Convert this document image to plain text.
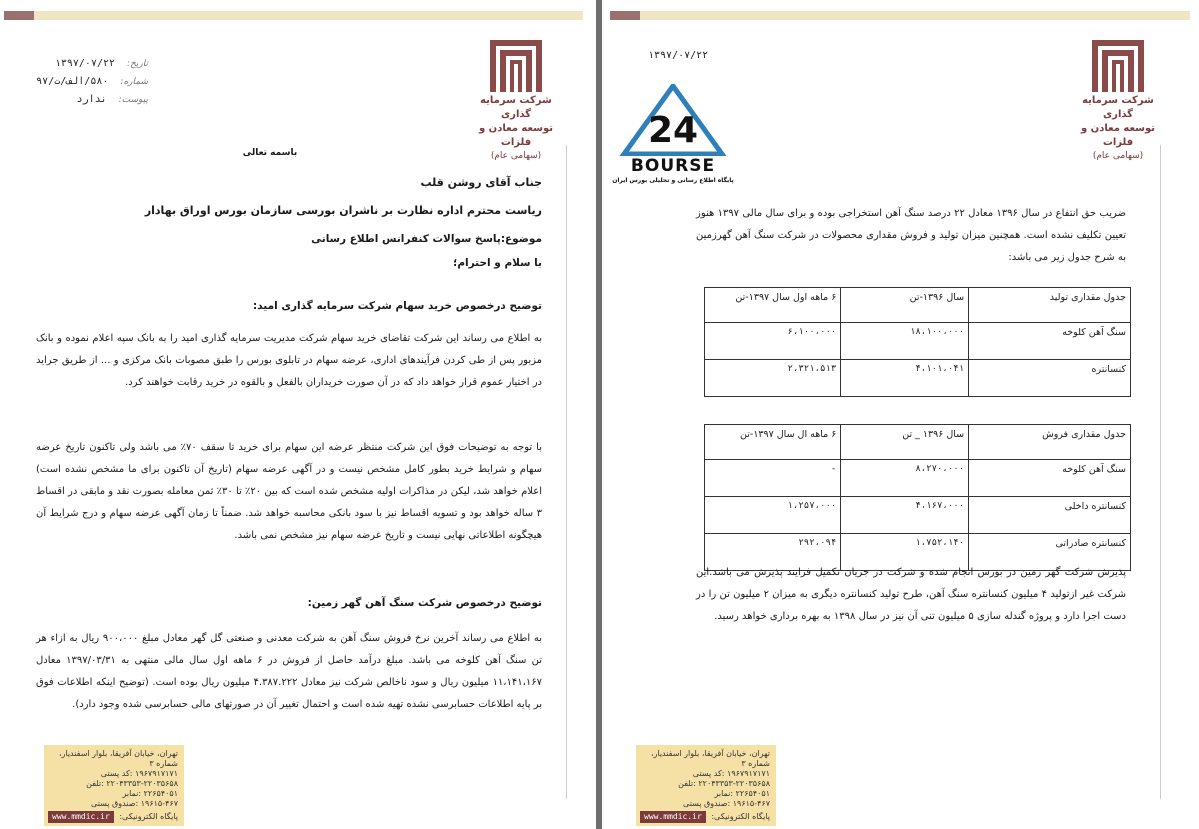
شرکت سرمایه گذاری
توسعه معادن و فلزات
(سهامی عام)
تاریخ:۱۳۹۷/۰۷/۲۲
شماره:۵۸۰/الف/ت/۹۷
پیوست:ندارد
باسمه تعالی
جناب آقای روشن قلب
ریاست محترم اداره نظارت بر ناشران بورسی سازمان بورس اوراق بهادار
موضوع:پاسخ سوالات کنفرانس اطلاع رسانی
با سلام و احترام؛
توضیح درخصوص خرید سهام شرکت سرمایه گذاری امید:
به اطلاع می رساند این شرکت تقاضای خرید سهام شرکت مدیریت سرمایه گذاری امید را به بانک سپه اعلام نموده و بانک مزبور پس از طی کردن فرآیندهای اداری، عرضه سهام در تابلوی بورس را طبق مصوبات بانک مرکزی و ... از طریق جراید در اختیار عموم قرار خواهد داد که در آن صورت خریداران بالفعل و بالقوه در خرید رقابت خواهند کرد.
با توجه به توضیحات فوق این شرکت منتظر عرضه این سهام برای خرید تا سقف ۷۰٪ می باشد ولی تاکنون تاریخ عرضه سهام و شرایط خرید بطور کامل مشخص نیست و در آگهی عرضه سهام (تاریخ آن تاکنون برای ما مشخص نشده است) اعلام خواهد شد، لیکن در مذاکرات اولیه مشخص شده است که بین ۲۰٪ تا ۳۰٪ ثمن معامله بصورت نقد و مابقی در اقساط ۳ ساله خواهد بود و تسویه اقساط نیز با سود بانکی محاسبه خواهد شد. ضمناً تا زمان آگهی عرضه سهام و درج شرایط آن هیچگونه اطلاعاتی نهایی نیست و تاریخ عرضه سهام نیز مشخص نمی باشد.
توضیح درخصوص شرکت سنگ آهن گهر زمین:
به اطلاع می رساند آخرین نرخ فروش سنگ آهن به شرکت معدنی و صنعتی گل گهر معادل مبلغ ۹۰۰،۰۰۰ ریال به ازاء هر تن سنگ آهن کلوخه می باشد. مبلغ درآمد حاصل از فروش در ۶ ماهه اول سال مالی منتهی به ۱۳۹۷/۰۳/۳۱ معادل ۱۱،۱۴۱،۱۶۷ میلیون ریال و سود ناخالص شرکت نیز معادل ۴.۳۸۷.۲۲۲ میلیون ریال بوده است. (توضیح اینکه اطلاعات فوق بر پایه اطلاعات حسابرسی نشده تهیه شده است و احتمال تغییر آن در صورتهای مالی حسابرسی شده وجود دارد).
تهران، خیابان آفریقا، بلوار اسفندیار، شماره ۳
۱۹۶۷۹۱۷۱۷۱ :کد پستی
۲۲۰۴۳۳۵۳-۲۲۰۳۵۶۵۸ :تلفن
۲۲۶۵۴۰۵۱ :نمابر
۱۹۶۱۵-۴۶۷ :صندوق پستی
پایگاه الکترونیکی:
www.mmdic.ir
۱۳۹۷/۰۷/۲۲
شرکت سرمایه گذاری
توسعه معادن و فلزات
(سهامی عام)
24
BOURSE
پایگاه اطلاع رسانی و تحلیلی بورس ایران
ضریب حق انتفاع در سال ۱۳۹۶ معادل ۲۲ درصد سنگ آهن استخراجی بوده و برای سال مالی ۱۳۹۷ هنوز تعیین تکلیف نشده است. همچنین میزان تولید و فروش مقداری محصولات در شرکت سنگ آهن گهرزمین به شرح جدول زیر می باشد:
جدول مقداری تولید	سال ۱۳۹۶-تن	۶ ماهه اول سال ۱۳۹۷-تن
سنگ آهن کلوخه	۱۸،۱۰۰،۰۰۰	۶،۱۰۰،۰۰۰
کنسانتره	۴،۱۰۱،۰۴۱	۲،۳۲۱،۵۱۳
جدول مقداری فروش	سال ۱۳۹۶ _ تن	۶ ماهه ا‌ل سال ۱۳۹۷-تن
سنگ آهن کلوخه	۸،۲۷۰،۰۰۰	-
کنسانتره داخلی	۴،۱۶۷،۰۰۰	۱،۲۵۷،۰۰۰
کنسانتره صادراتی	۱،۷۵۲،۱۴۰	۲۹۲،۰۹۴
پذیرش شرکت گهر زمین در بورس انجام شده و شرکت در جریان تکمیل فرایند پذیرش می باشد.این شرکت غیر ازتولید ۴ میلیون کنسانتره سنگ آهن، طرح تولید کنسانتره دیگری به میزان ۲ میلیون تن را در دست اجرا دارد و پروژه گندله سازی ۵ میلیون تنی آن نیز در سال ۱۳۹۸ به بهره برداری خواهد رسید.
تهران، خیابان آفریقا، بلوار اسفندیار، شماره ۳
۱۹۶۷۹۱۷۱۷۱ :کد پستی
۲۲۰۴۳۳۵۳-۲۲۰۳۵۶۵۸ :تلفن
۲۲۶۵۴۰۵۱ :نمابر
۱۹۶۱۵-۴۶۷ :صندوق پستی
پایگاه الکترونیکی:
www.mmdic.ir
